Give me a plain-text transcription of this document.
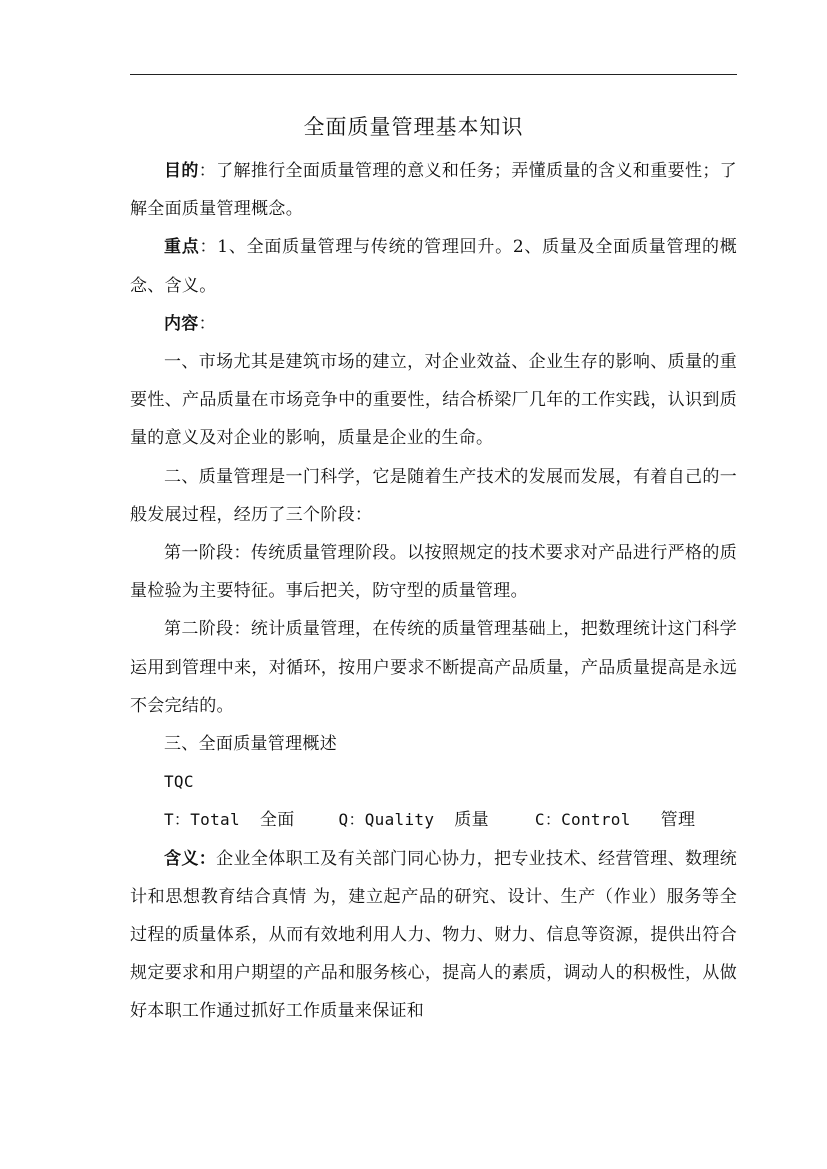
全面质量管理基本知识

目的：了解推行全面质量管理的意义和任务；弄懂质量的含义和重要性；了解全面质量管理概念。

重点：1、全面质量管理与传统的管理回升。2、质量及全面质量管理的概念、含义。

内容：

一、市场尤其是建筑市场的建立，对企业效益、企业生存的影响、质量的重要性、产品质量在市场竞争中的重要性，结合桥梁厂几年的工作实践，认识到质量的意义及对企业的影响，质量是企业的生命。

二、质量管理是一门科学，它是随着生产技术的发展而发展，有着自己的一般发展过程，经历了三个阶段：

第一阶段：传统质量管理阶段。以按照规定的技术要求对产品进行严格的质量检验为主要特征。事后把关，防守型的质量管理。

第二阶段：统计质量管理，在传统的质量管理基础上，把数理统计这门科学运用到管理中来，对循环，按用户要求不断提高产品质量，产品质量提高是永远不会完结的。

三、全面质量管理概述

TQC

T：Total 全面	Q：Quality 质量	C：Control 管理

含义：企业全体职工及有关部门同心协力，把专业技术、经营管理、数理统计和思想教育结合真情 为，建立起产品的研究、设计、生产（作业）服务等全过程的质量体系，从而有效地利用人力、物力、财力、信息等资源，提供出符合规定要求和用户期望的产品和服务核心，提高人的素质，调动人的积极性，从做好本职工作通过抓好工作质量来保证和
